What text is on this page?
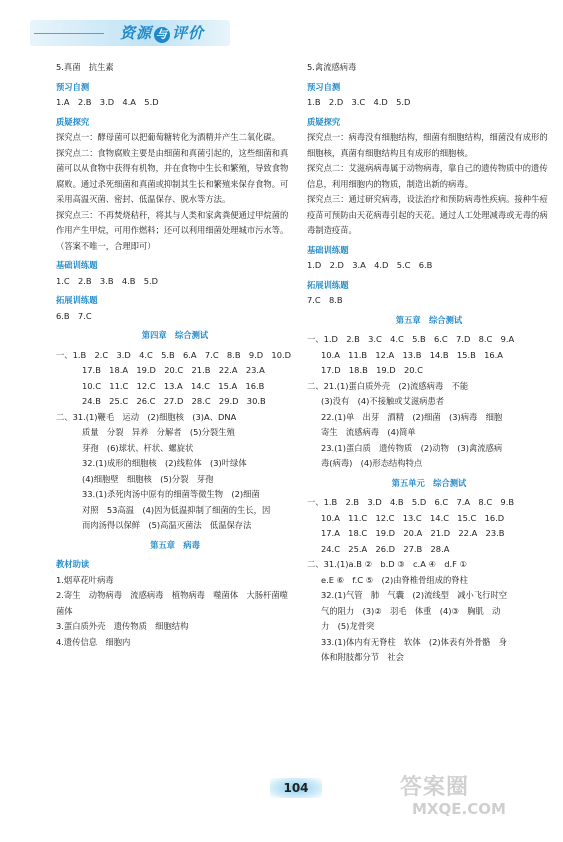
资源 与 评价
5.真菌　抗生素
预习自测
1.A　2.B　3.D　4.A　5.D
质疑探究
探究点一：酵母菌可以把葡萄糖转化为酒精并产生二氧化碳。
探究点二：食物腐败主要是由细菌和真菌引起的，这些细菌和真菌可以从食物中获得有机物，并在食物中生长和繁殖，导致食物腐败。通过杀死细菌和真菌或抑制其生长和繁殖来保存食物。可采用高温灭菌、密封、低温保存、脱水等方法。
探究点三：不再焚烧秸秆，将其与人类和家禽粪便通过甲烷菌的作用产生甲烷，可用作燃料；还可以利用细菌处理城市污水等。（答案不唯一，合理即可）
基础训练题
1.C　2.B　3.B　4.B　5.D
拓展训练题
6.B　7.C
第四章　综合测试
一、1.B　2.C　3.D　4.C　5.B　6.A　7.C　8.B　9.D　10.D
17.B　18.A　19.D　20.C　21.B　22.A　23.A
10.C　11.C　12.C　13.A　14.C　15.A　16.B
24.B　25.C　26.C　27.D　28.C　29.D　30.B
二、31.(1)鞭毛　运动　(2)细胞核　(3)A、DNA
质量　分裂　异养　分解者　(5)分裂生殖
芽孢　(6)球状、杆状、螺旋状
32.(1)成形的细胞核　(2)线粒体　(3)叶绿体
(4)细胞壁　细胞核　(5)分裂　芽孢
33.(1)杀死肉汤中原有的细菌等微生物　(2)细菌
对照　53高温　(4)因为低温抑制了细菌的生长，因
而肉汤得以保鲜　(5)高温灭菌法　低温保存法
第五章　病毒
教材助读
1.烟草花叶病毒
2.寄生　动物病毒　流感病毒　植物病毒　噬菌体　大肠杆菌噬菌体
3.蛋白质外壳　遗传物质　细胞结构
4.遗传信息　细胞内
5.禽流感病毒
预习自测
1.B　2.D　3.C　4.D　5.D
质疑探究
探究点一：病毒没有细胞结构，细菌有细胞结构，细菌没有成形的细胞核，真菌有细胞结构且有成形的细胞核。
探究点二：艾滋病病毒属于动物病毒，靠自己的遗传物质中的遗传信息，利用细胞内的物质，制造出新的病毒。
探究点三：通过研究病毒，设法治疗和预防病毒性疾病。接种牛痘疫苗可预防由天花病毒引起的天花。通过人工处理减毒或无毒的病毒制造疫苗。
基础训练题
1.D　2.D　3.A　4.D　5.C　6.B
拓展训练题
7.C　8.B
第五章　综合测试
一、1.D　2.B　3.C　4.C　5.B　6.C　7.D　8.C　9.A
10.A　11.B　12.A　13.B　14.B　15.B　16.A
17.D　18.B　19.D　20.C
二、21.(1)蛋白质外壳　(2)流感病毒　不能
(3)没有　(4)不接触或艾滋病患者
22.(1)单　出芽　酒精　(2)细菌　(3)病毒　细胞
寄生　流感病毒　(4)简单
23.(1)蛋白质　遗传物质　(2)动物　(3)禽流感病
毒(病毒)　(4)形态结构特点
第五单元　综合测试
一、1.B　2.B　3.D　4.B　5.D　6.C　7.A　8.C　9.B
10.A　11.C　12.C　13.C　14.C　15.C　16.D
17.A　18.C　19.D　20.A　21.D　22.A　23.B
24.C　25.A　26.D　27.B　28.A
二、31.(1)a.B ②　b.D ③　c.A ④　d.F ①
e.E ⑥　f.C ⑤　(2)由脊椎骨组成的脊柱
32.(1)气管　肺　气囊　(2)流线型　减小飞行时空
气的阻力　(3)②　羽毛　体重　(4)③　胸肌　动
力　(5)龙骨突
33.(1)体内有无脊柱　软体　(2)体表有外骨骼　身
体和附肢都分节　社会
104	答案圈
MXQE.COM
